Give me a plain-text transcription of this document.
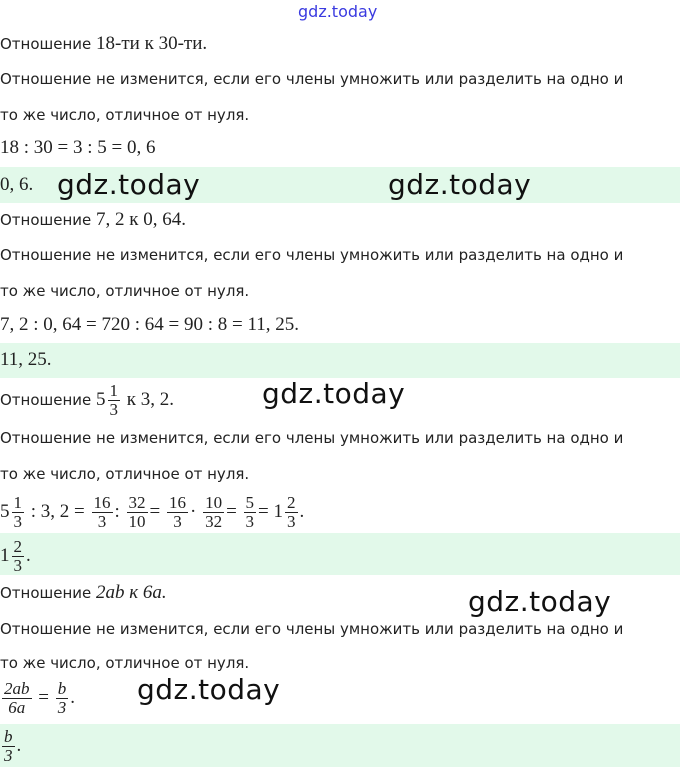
gdz.today
Отношение 18-ти к 30-ти.
Отношение не изменится, если его члены умножить или разделить на одно и
то же число, отличное от нуля.
18 : 30 = 3 : 5 = 0, 6
0, 6. gdz.today	gdz.today
Отношение 7, 2 к 0, 64.
Отношение не изменится, если его члены умножить или разделить на одно и
то же число, отличное от нуля.
7, 2 : 0, 64 = 720 : 64 = 90 : 8 = 11, 25.
11, 25.
Отношение $5 \frac{1}{3}$ к 3, 2.	gdz.today
Отношение не изменится, если его члены умножить или разделить на одно и
то же число, отличное от нуля.
$5 \frac{1}{3}$ : 3, $2 = \frac{16}{3}$ : $\frac{32}{10} = \frac{16}{3} \cdot \frac{10}{32} = \frac{5}{3} = 1 \frac{2}{3}$ .
$1 \frac{2}{3}$ .
Отношение 2ab к 6a.	gdz.today
Отношение не изменится, если его члены умножить или разделить на одно и
то же число, отличное от нуля.
$\frac{2ab}{6a} = \frac{b}{3}$ . gdz.today
$\frac{b}{3}$ .
